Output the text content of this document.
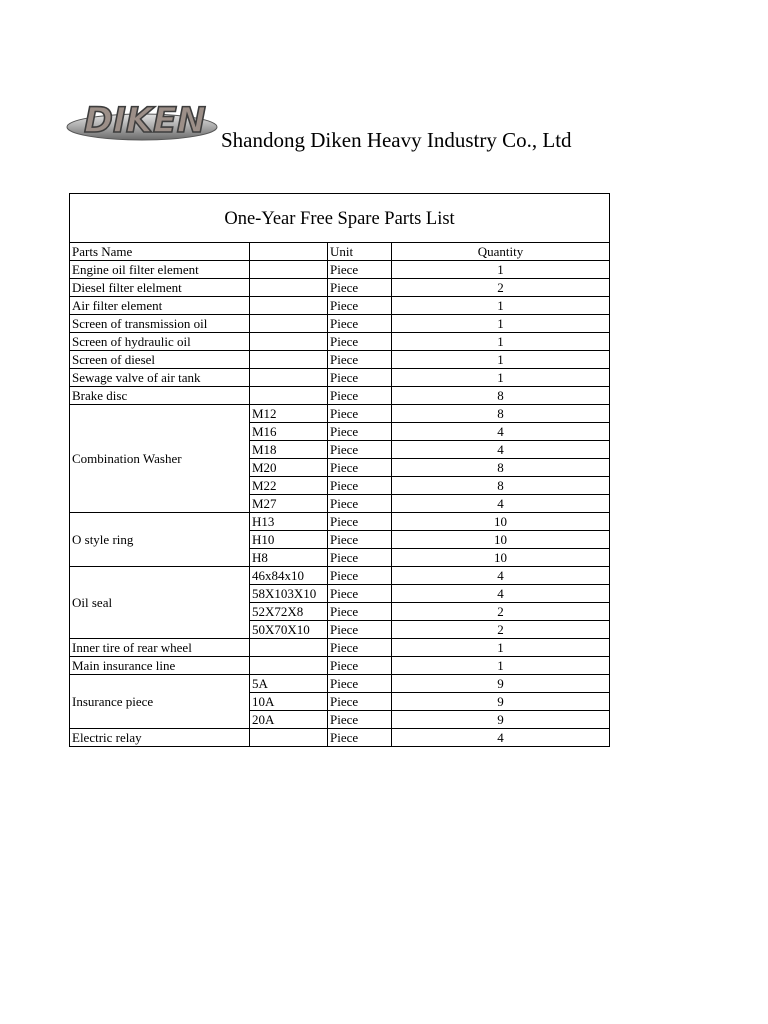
DIKEN Shandong Diken Heavy Industry Co., Ltd
One-Year Free Spare Parts List			
Parts Name		Unit	Quantity
Engine oil filter element		Piece	1
Diesel filter elelment		Piece	2
Air filter element		Piece	1
Screen of transmission oil		Piece	1
Screen of hydraulic oil		Piece	1
Screen of diesel		Piece	1
Sewage valve of air tank		Piece	1
Brake disc		Piece	8
Combination Washer	M12	Piece	8
	M16	Piece	4
	M18	Piece	4
	M20	Piece	8
	M22	Piece	8
	M27	Piece	4
O style ring	H13	Piece	10
	H10	Piece	10
	H8	Piece	10
Oil seal	46x84x10	Piece	4
	58X103X10	Piece	4
	52X72X8	Piece	2
	50X70X10	Piece	2
Inner tire of rear wheel		Piece	1
Main insurance line		Piece	1
Insurance piece	5A	Piece	9
	10A	Piece	9
	20A	Piece	9
Electric relay		Piece	4
